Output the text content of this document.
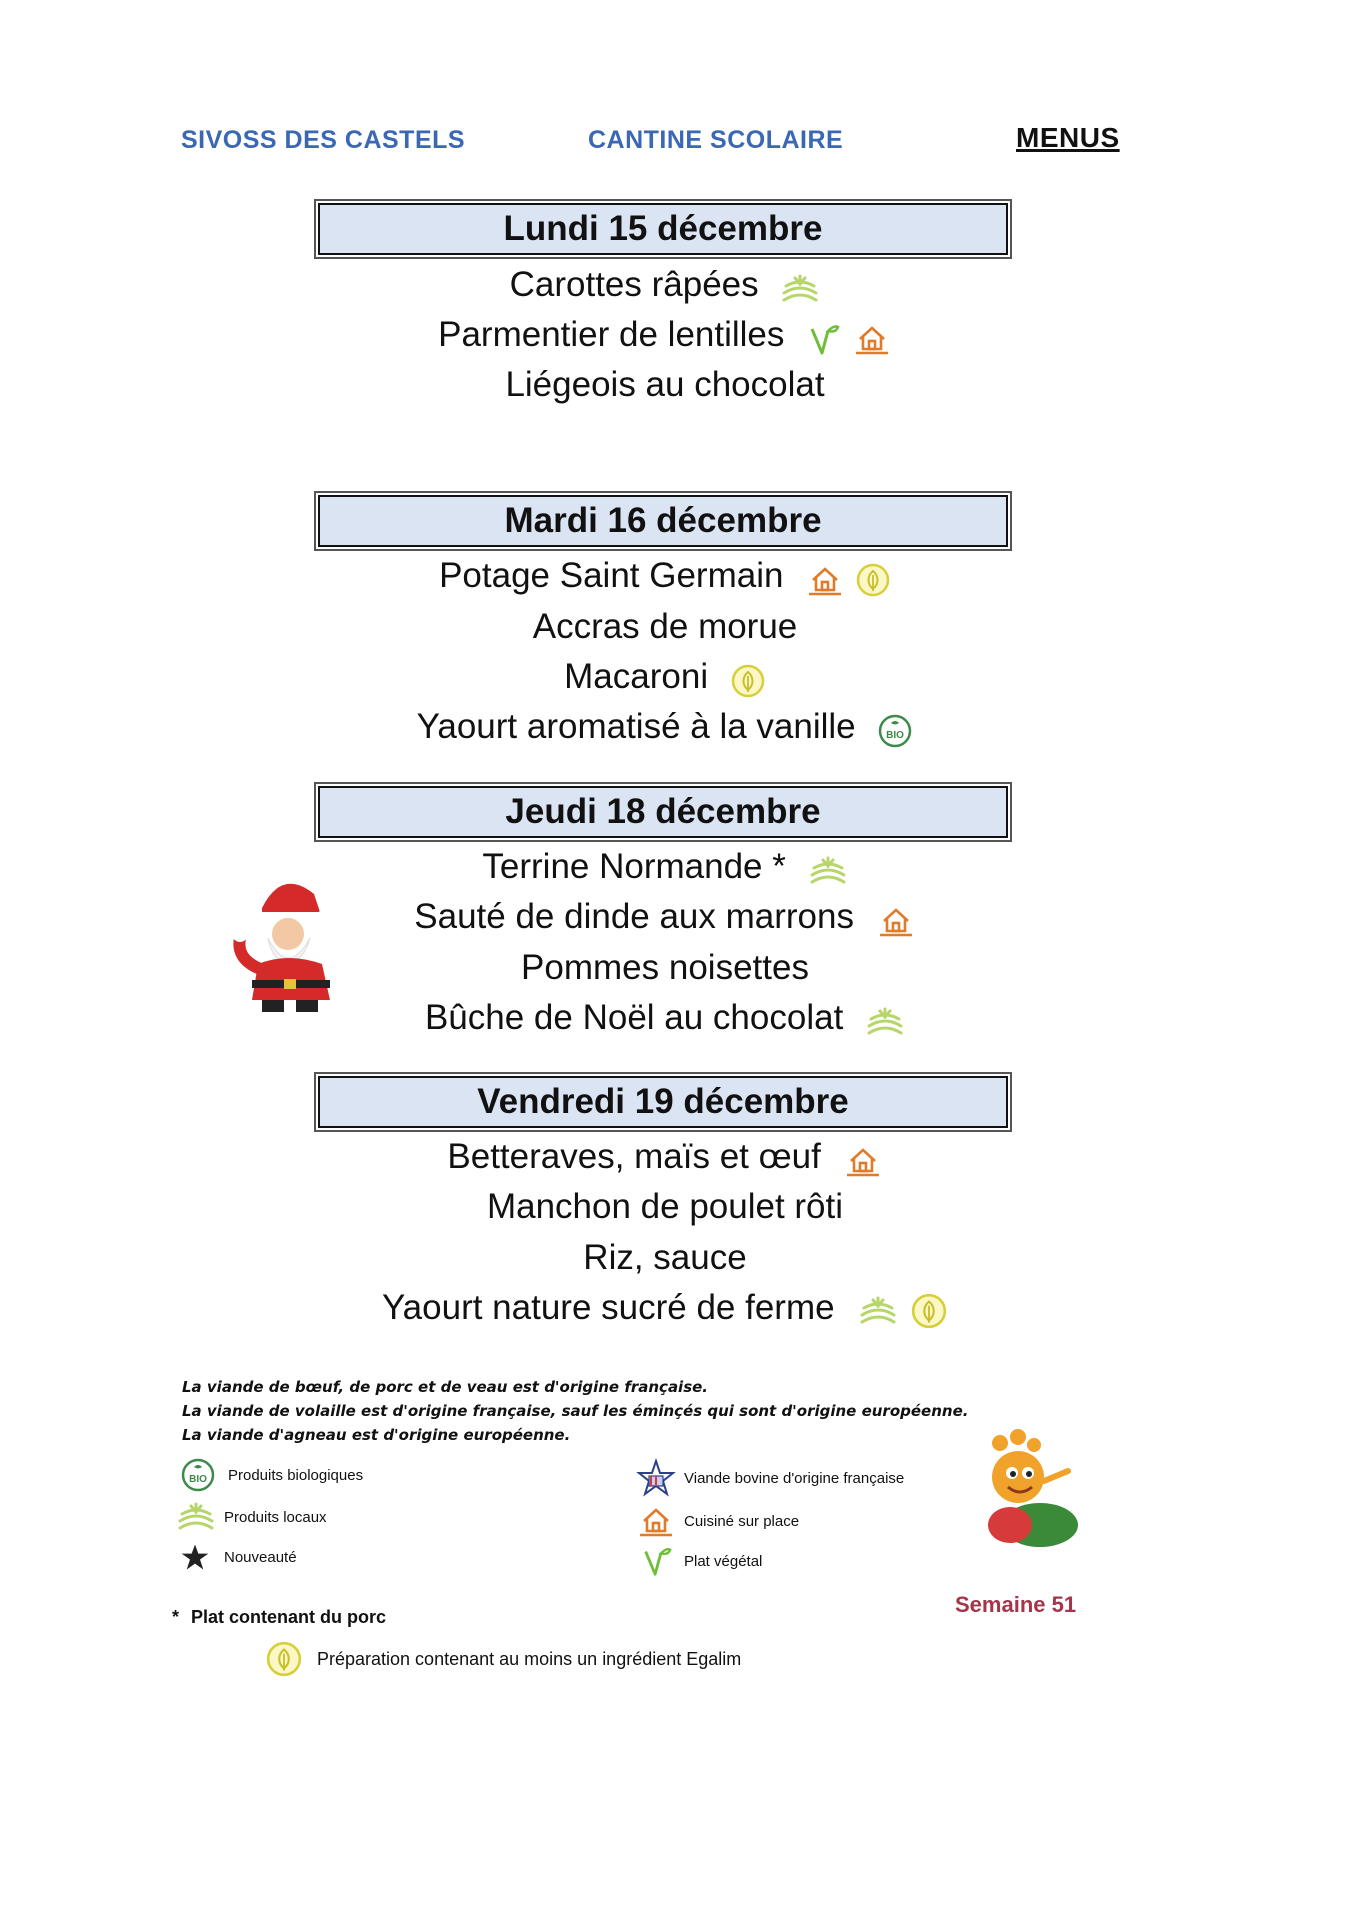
SIVOSS DES CASTELS	CANTINE SCOLAIRE	MENUS
Lundi 15 décembre
Carottes râpées
Parmentier de lentilles

Liégeois au chocolat
Mardi 16 décembre
Potage Saint Germain

Accras de morue
Macaroni
Yaourt aromatisé à la vanille
Jeudi 18 décembre
Terrine Normande *
Sauté de dinde aux marrons
Pommes noisettes
Bûche de Noël au chocolat
Vendredi 19 décembre
Betteraves, maïs et œuf
Manchon de poulet rôti
Riz, sauce
Yaourt nature sucré de ferme

La viande de bœuf, de porc et de veau est d'origine française.
La viande de volaille est d'origine française, sauf les éminçés qui sont d'origine européenne.
La viande d'agneau est d'origine européenne.
Produits biologiques
Produits locaux
Nouveauté
Viande bovine d'origine française
Cuisiné sur place
Plat végétal
* Plat contenant du porc	Semaine 51
Préparation contenant au moins un ingrédient Egalim
